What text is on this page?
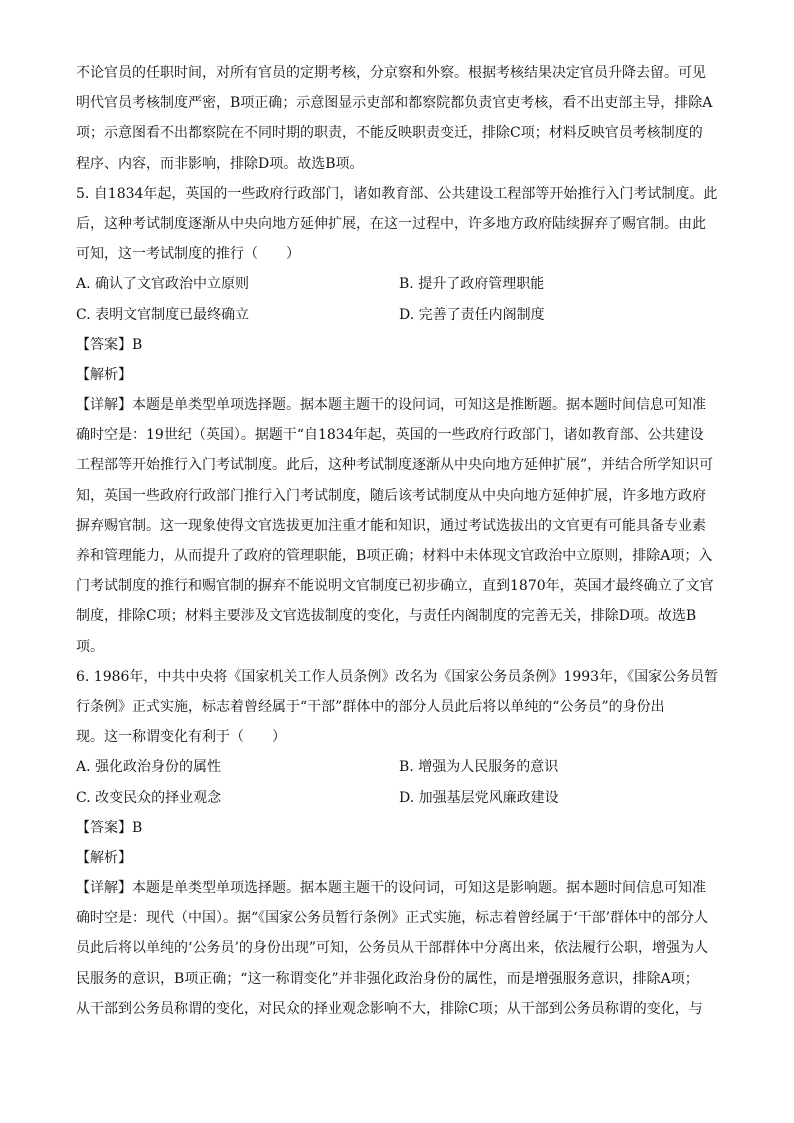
不论官员的任职时间，对所有官员的定期考核，分京察和外察。根据考核结果决定官员升降去留。可见
明代官员考核制度严密，B项正确；示意图显示吏部和都察院都负责官吏考核，看不出吏部主导，排除A
项；示意图看不出都察院在不同时期的职责，不能反映职责变迁，排除C项；材料反映官员考核制度的
程序、内容，而非影响，排除D项。故选B项。
5. 自1834年起，英国的一些政府行政部门，诸如教育部、公共建设工程部等开始推行入门考试制度。此
后，这种考试制度逐渐从中央向地方延伸扩展，在这一过程中，许多地方政府陆续摒弃了赐官制。由此
可知，这一考试制度的推行（　　）
A. 确认了文官政治中立原则	B. 提升了政府管理职能
C. 表明文官制度已最终确立	D. 完善了责任内阁制度
【答案】B
【解析】
【详解】本题是单类型单项选择题。据本题主题干的设问词，可知这是推断题。据本题时间信息可知准
确时空是：19世纪（英国）。据题干“自1834年起，英国的一些政府行政部门，诸如教育部、公共建设
工程部等开始推行入门考试制度。此后，这种考试制度逐渐从中央向地方延伸扩展”，并结合所学知识可
知，英国一些政府行政部门推行入门考试制度，随后该考试制度从中央向地方延伸扩展，许多地方政府
摒弃赐官制。这一现象使得文官选拔更加注重才能和知识，通过考试选拔出的文官更有可能具备专业素
养和管理能力，从而提升了政府的管理职能，B项正确；材料中未体现文官政治中立原则，排除A项；入
门考试制度的推行和赐官制的摒弃不能说明文官制度已初步确立，直到1870年，英国才最终确立了文官
制度，排除C项；材料主要涉及文官选拔制度的变化，与责任内阁制度的完善无关，排除D项。故选B
项。
6. 1986年，中共中央将《国家机关工作人员条例》改名为《国家公务员条例》1993年，《国家公务员暂
行条例》正式实施，标志着曾经属于“干部”群体中的部分人员此后将以单纯的“公务员”的身份出
现。这一称谓变化有利于（　　）
A. 强化政治身份的属性	B. 增强为人民服务的意识
C. 改变民众的择业观念	D. 加强基层党风廉政建设
【答案】B
【解析】
【详解】本题是单类型单项选择题。据本题主题干的设问词，可知这是影响题。据本题时间信息可知准
确时空是：现代（中国）。据“《国家公务员暂行条例》正式实施，标志着曾经属于‘干部’群体中的部分人
员此后将以单纯的‘公务员’的身份出现”可知，公务员从干部群体中分离出来，依法履行公职，增强为人
民服务的意识，B项正确；“这一称谓变化”并非强化政治身份的属性，而是增强服务意识，排除A项；
从干部到公务员称谓的变化，对民众的择业观念影响不大，排除C项；从干部到公务员称谓的变化，与
